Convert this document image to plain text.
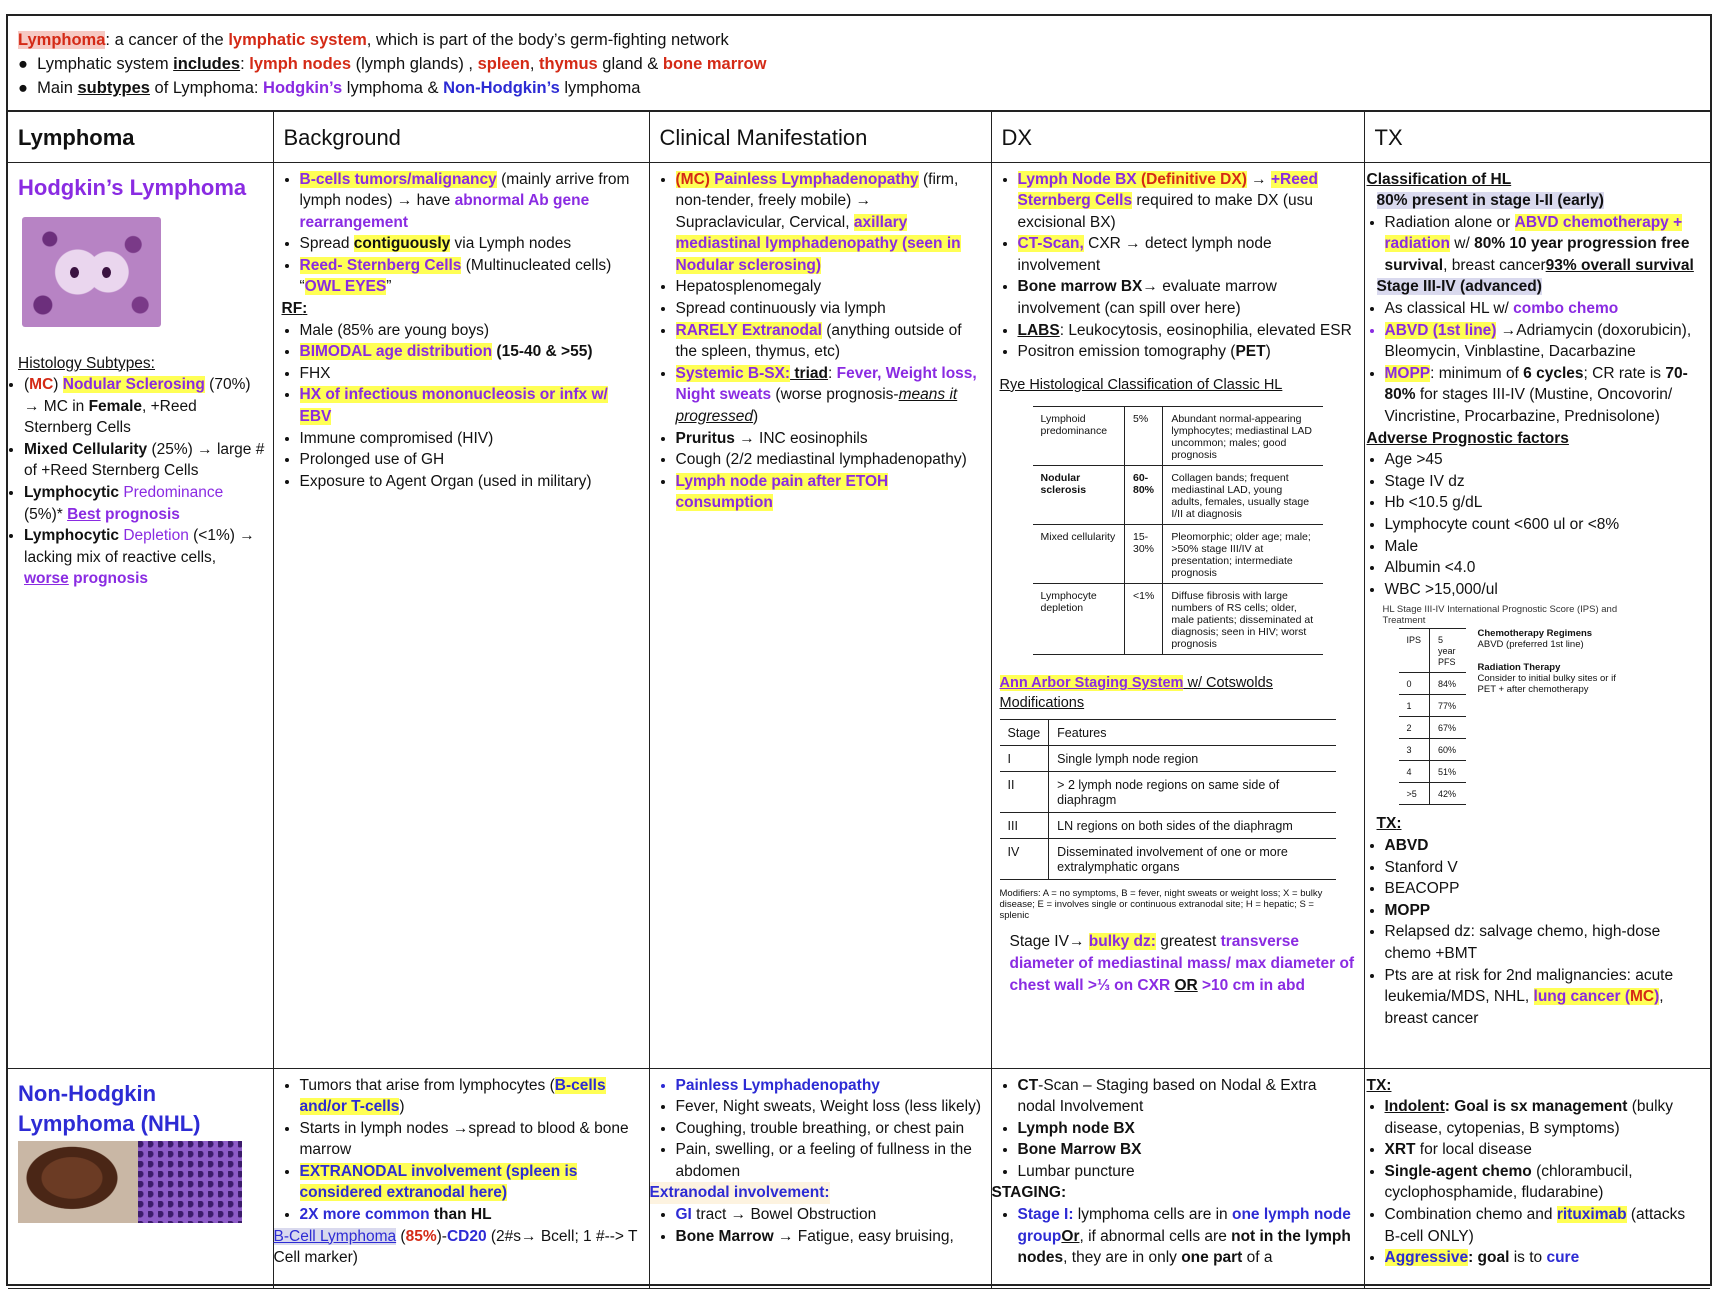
Lymphoma: a cancer of the lymphatic system, which is part of the body’s germ-fighting network
●  Lymphatic system includes: lymph nodes (lymph glands) , spleen, thymus gland & bone marrow
●  Main subtypes of Lymphoma: Hodgkin’s lymphoma & Non-Hodgkin’s lymphoma
Lymphoma	Background	Clinical Manifestation	DX	TX

Hodgkin’s Lymphoma
Histology Subtypes:
• (MC) Nodular Sclerosing (70%) → MC in Female, +Reed Sternberg Cells
• Mixed Cellularity (25%) → large # of +Reed Sternberg Cells
• Lymphocytic Predominance (5%)* Best prognosis
• Lymphocytic Depletion (<1%) → lacking mix of reactive cells, worse prognosis

• B-cells tumors/malignancy (mainly arrive from lymph nodes) → have abnormal Ab gene rearrangement
• Spread contiguously via Lymph nodes
• Reed- Sternberg Cells (Multinucleated cells) “OWL EYES”
RF:
• Male (85% are young boys)
• BIMODAL age distribution (15-40 & >55)
• FHX
• HX of infectious mononucleosis or infx w/ EBV
• Immune compromised (HIV)
• Prolonged use of GH
• Exposure to Agent Organ (used in military)

• (MC) Painless Lymphadenopathy (firm, non-tender, freely mobile) → Supraclavicular, Cervical, axillary mediastinal lymphadenopathy (seen in Nodular sclerosing)
• Hepatosplenomegaly
• Spread continuously via lymph
• RARELY Extranodal (anything outside of the spleen, thymus, etc)
• Systemic B-SX: triad: Fever, Weight loss, Night sweats (worse prognosis-means it progressed)
• Pruritus → INC eosinophils
• Cough (2/2 mediastinal lymphadenopathy)
• Lymph node pain after ETOH consumption

• Lymph Node BX (Definitive DX) → +Reed Sternberg Cells required to make DX (usu excisional BX)
• CT-Scan, CXR → detect lymph node involvement
• Bone marrow BX→ evaluate marrow involvement (can spill over here)
• LABS: Leukocytosis, eosinophilia, elevated ESR
• Positron emission tomography (PET)
Rye Histological Classification of Classic HL
Lymphoid predominance	5%	Abundant normal-appearing lymphocytes; mediastinal LAD uncommon; males; good prognosis
Nodular sclerosis	60-80%	Collagen bands; frequent mediastinal LAD, young adults, females, usually stage I/II at diagnosis
Mixed cellularity	15-30%	Pleomorphic; older age; male; >50% stage III/IV at presentation; intermediate prognosis
Lymphocyte depletion	<1%	Diffuse fibrosis with large numbers of RS cells; older, male patients; disseminated at diagnosis; seen in HIV; worst prognosis
Ann Arbor Staging System w/ Cotswolds Modifications
Stage	Features
I	Single lymph node region
II	> 2 lymph node regions on same side of diaphragm
III	LN regions on both sides of the diaphragm
IV	Disseminated involvement of one or more extralymphatic organs
Modifiers: A = no symptoms, B = fever, night sweats or weight loss; X = bulky disease; E = involves single or continuous extranodal site; H = hepatic; S = splenic
Stage IV→ bulky dz: greatest transverse diameter of mediastinal mass/ max diameter of chest wall >⅓ on CXR OR >10 cm in abd

Classification of HL
80% present in stage I-II (early)
• Radiation alone or ABVD chemotherapy + radiation w/ 80% 10 year progression free survival, breast cancer93% overall survival
Stage III-IV (advanced)
• As classical HL w/ combo chemo
• ABVD (1st line) →Adriamycin (doxorubicin), Bleomycin, Vinblastine, Dacarbazine
• MOPP: minimum of 6 cycles; CR rate is 70-80% for stages III-IV (Mustine, Oncovorin/ Vincristine, Procarbazine, Prednisolone)
Adverse Prognostic factors
• Age >45
• Stage IV dz
• Hb <10.5 g/dL
• Lymphocyte count <600 ul or <8%
• Male
• Albumin <4.0
• WBC >15,000/ul
HL Stage III-IV International Prognostic Score (IPS) and Treatment
IPS	5 year PFS
0	84%
1	77%
2	67%
3	60%
4	51%
>5	42%
Chemotherapy Regimens
ABVD (preferred 1st line)
Radiation Therapy
Consider to initial bulky sites or if PET + after chemotherapy
TX:
• ABVD
• Stanford V
• BEACOPP
• MOPP
• Relapsed dz: salvage chemo, high-dose chemo +BMT
• Pts are at risk for 2nd malignancies: acute leukemia/MDS, NHL, lung cancer (MC), breast cancer

Non-Hodgkin Lymphoma (NHL)

• Tumors that arise from lymphocytes (B-cells and/or T-cells)
• Starts in lymph nodes →spread to blood & bone marrow
• EXTRANODAL involvement (spleen is considered extranodal here)
• 2X more common than HL
B-Cell Lymphoma (85%)-CD20 (2#s→ Bcell; 1 #--> T Cell marker)

• Painless Lymphadenopathy
• Fever, Night sweats, Weight loss (less likely)
• Coughing, trouble breathing, or chest pain
• Pain, swelling, or a feeling of fullness in the abdomen
Extranodal involvement:
• GI tract → Bowel Obstruction
• Bone Marrow → Fatigue, easy bruising,

• CT-Scan – Staging based on Nodal & Extra nodal Involvement
• Lymph node BX
• Bone Marrow BX
• Lumbar puncture
STAGING:
• Stage I: lymphoma cells are in one lymph node groupOr, if abnormal cells are not in the lymph nodes, they are in only one part of a

TX:
• Indolent: Goal is sx management (bulky disease, cytopenias, B symptoms)
• XRT for local disease
• Single-agent chemo (chlorambucil, cyclophosphamide, fludarabine)
• Combination chemo and rituximab (attacks B-cell ONLY)
• Aggressive: goal is to cure
